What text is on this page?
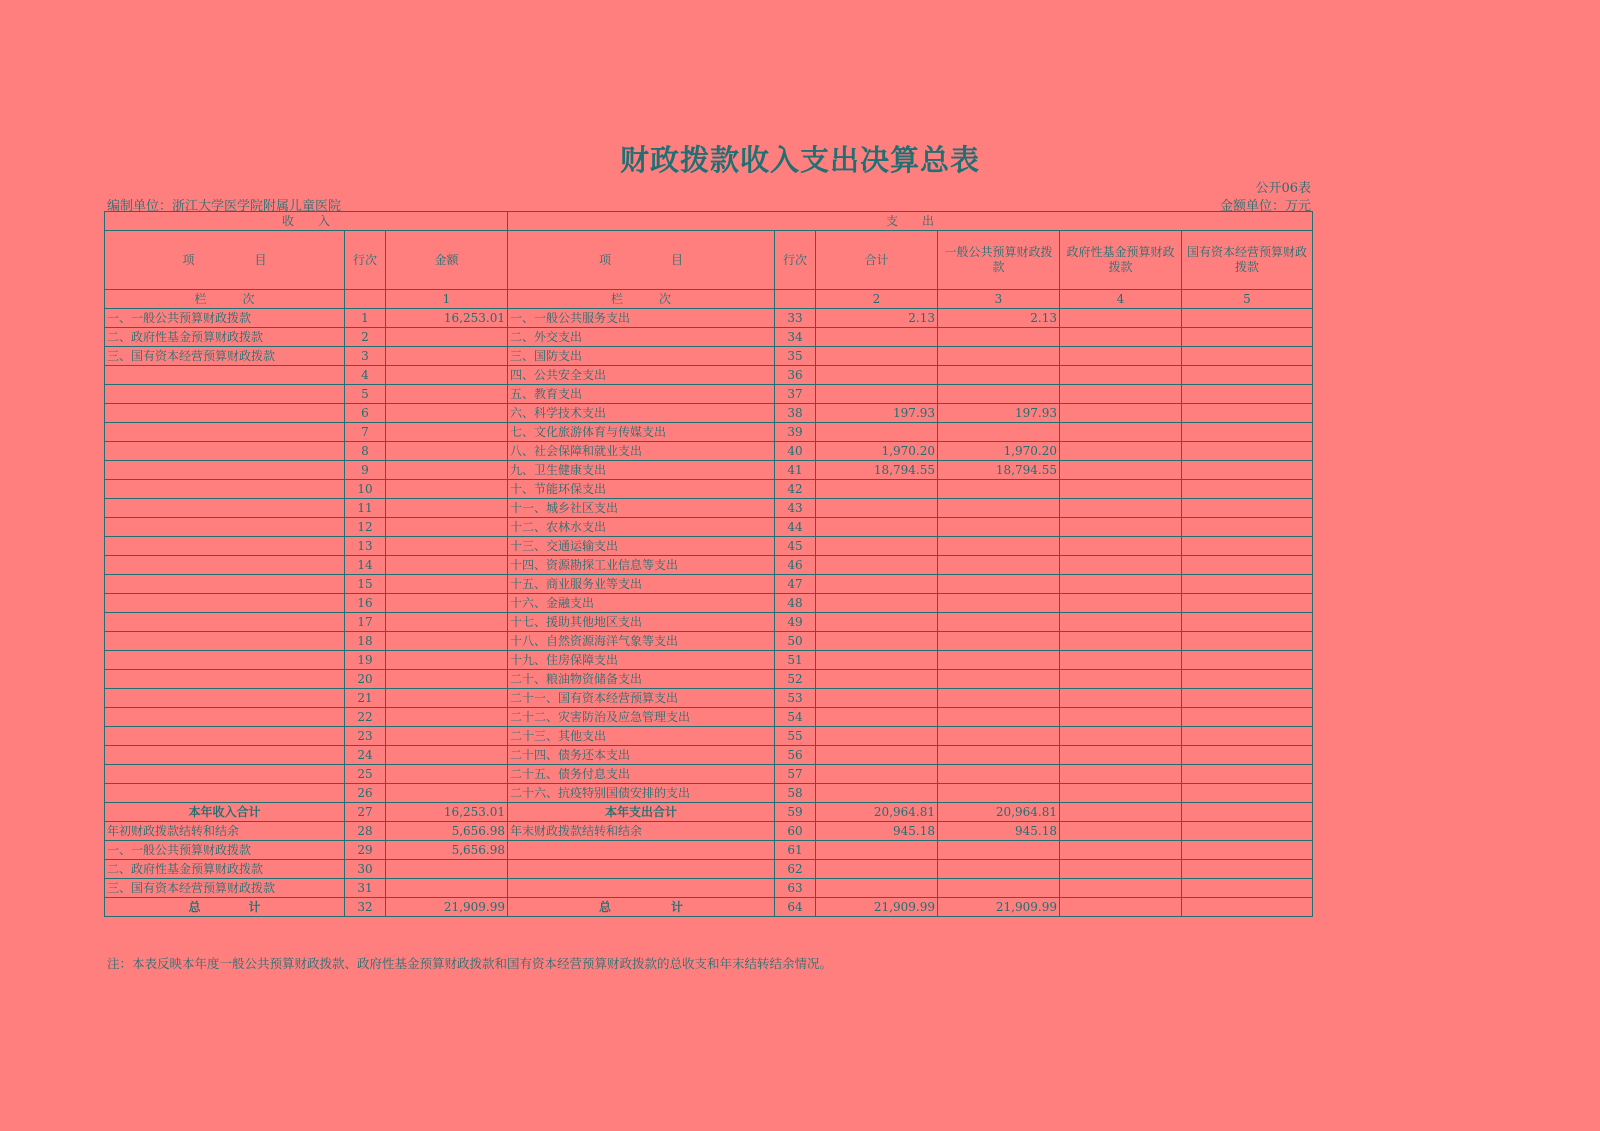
财政拨款收入支出决算总表
公开06表
编制单位：浙江大学医学院附属儿童医院	金额单位：万元
收　　入			支　　出					
项　　　　　目	行次	金额	项　　　　　目	行次	合计	一般公共预算财政拨款	政府性基金预算财政拨款	国有资本经营预算财政拨款
栏　　　次		1	栏　　　次		2	3	4	5
一、一般公共预算财政拨款	1	16,253.01	一、一般公共服务支出	33	2.13	2.13		
二、政府性基金预算财政拨款	2		二、外交支出	34				
三、国有资本经营预算财政拨款	3		三、国防支出	35				
	4		四、公共安全支出	36				
	5		五、教育支出	37				
	6		六、科学技术支出	38	197.93	197.93		
	7		七、文化旅游体育与传媒支出	39				
	8		八、社会保障和就业支出	40	1,970.20	1,970.20		
	9		九、卫生健康支出	41	18,794.55	18,794.55		
	10		十、节能环保支出	42				
	11		十一、城乡社区支出	43				
	12		十二、农林水支出	44				
	13		十三、交通运输支出	45				
	14		十四、资源勘探工业信息等支出	46				
	15		十五、商业服务业等支出	47				
	16		十六、金融支出	48				
	17		十七、援助其他地区支出	49				
	18		十八、自然资源海洋气象等支出	50				
	19		十九、住房保障支出	51				
	20		二十、粮油物资储备支出	52				
	21		二十一、国有资本经营预算支出	53				
	22		二十二、灾害防治及应急管理支出	54				
	23		二十三、其他支出	55				
	24		二十四、债务还本支出	56				
	25		二十五、债务付息支出	57				
	26		二十六、抗疫特别国债安排的支出	58				
本年收入合计	27	16,253.01	本年支出合计	59	20,964.81	20,964.81		
年初财政拨款结转和结余	28	5,656.98	年末财政拨款结转和结余	60	945.18	945.18		
一、一般公共预算财政拨款	29	5,656.98		61				
二、政府性基金预算财政拨款	30			62				
三、国有资本经营预算财政拨款	31			63				
总　　　　计	32	21,909.99	总　　　　　计	64	21,909.99	21,909.99		
注：本表反映本年度一般公共预算财政拨款、政府性基金预算财政拨款和国有资本经营预算财政拨款的总收支和年末结转结余情况。
